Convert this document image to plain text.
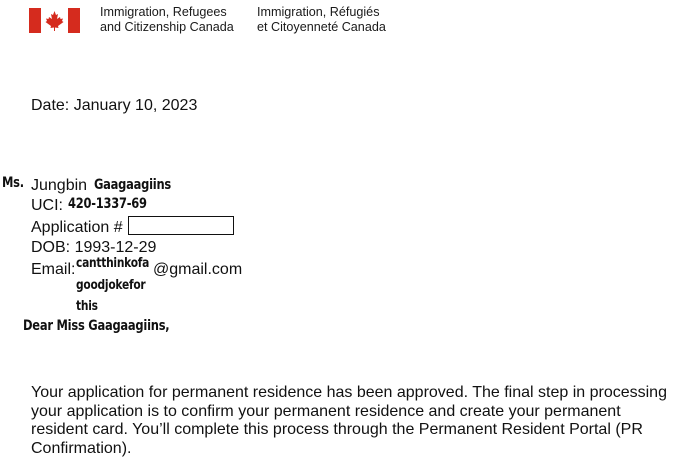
Immigration, Refugees
and Citizenship Canada
Immigration, Réfugiés
et Citoyenneté Canada
Date: January 10, 2023
Ms. Jungbin Gaagaagiins
UCI: 420-1337-69
Application #
DOB: 1993-12-29
Email: cantthinkofa @gmail.com
goodjokefor
this
Dear Miss Gaagaagiins,
Your application for permanent residence has been approved. The final step in processing your application is to confirm your permanent residence and create your permanent resident card. You’ll complete this process through the Permanent Resident Portal (PR Confirmation).
